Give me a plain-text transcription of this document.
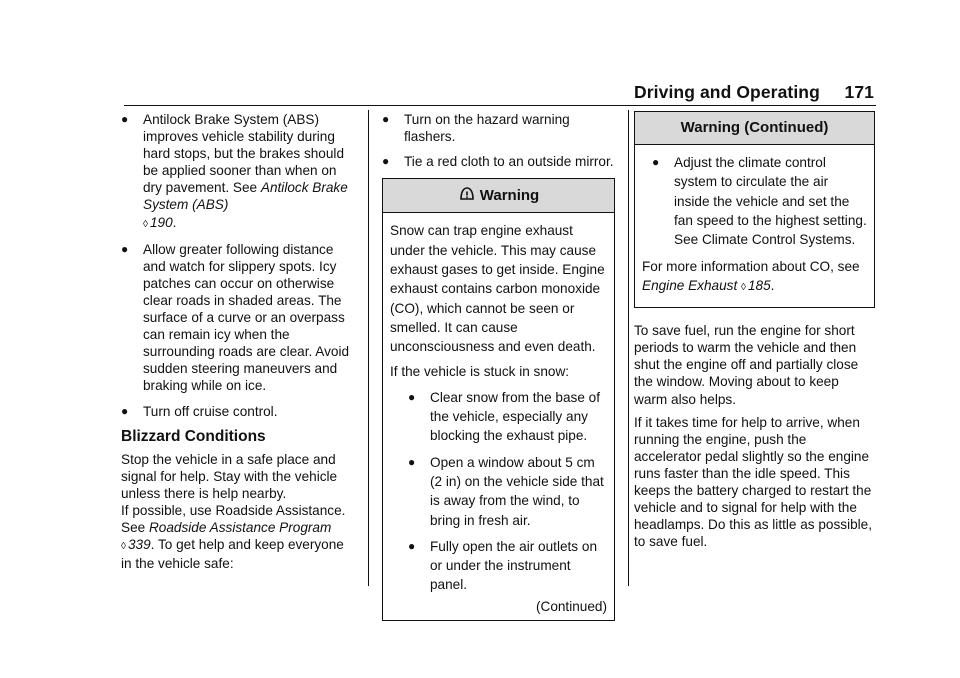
Driving and Operating 171
●	Antilock Brake System (ABS) improves vehicle stability during hard stops, but the brakes should be applied sooner than when on dry pavement. See Antilock Brake System (ABS)
◊ 190.
●	Allow greater following distance and watch for slippery spots. Icy patches can occur on otherwise clear roads in shaded areas. The surface of a curve or an overpass can remain icy when the surrounding roads are clear. Avoid sudden steering maneuvers and braking while on ice.
●	Turn off cruise control.
Blizzard Conditions
Stop the vehicle in a safe place and signal for help. Stay with the vehicle unless there is help nearby.
If possible, use Roadside Assistance. See Roadside Assistance Program ◊ 339. To get help and keep everyone in the vehicle safe:
●	Turn on the hazard warning flashers.
●	Tie a red cloth to an outside mirror.
Warning
Snow can trap engine exhaust under the vehicle. This may cause exhaust gases to get inside. Engine exhaust contains carbon monoxide (CO), which cannot be seen or smelled. It can cause unconsciousness and even death.
If the vehicle is stuck in snow:
●	Clear snow from the base of the vehicle, especially any blocking the exhaust pipe.
●	Open a window about 5 cm (2 in) on the vehicle side that is away from the wind, to bring in fresh air.
●	Fully open the air outlets on or under the instrument panel.
(Continued)
Warning (Continued)
●	Adjust the climate control system to circulate the air inside the vehicle and set the fan speed to the highest setting. See Climate Control Systems.
For more information about CO, see Engine Exhaust ◊ 185.
To save fuel, run the engine for short periods to warm the vehicle and then shut the engine off and partially close the window. Moving about to keep warm also helps.
If it takes time for help to arrive, when running the engine, push the accelerator pedal slightly so the engine runs faster than the idle speed. This keeps the battery charged to restart the vehicle and to signal for help with the headlamps. Do this as little as possible, to save fuel.
